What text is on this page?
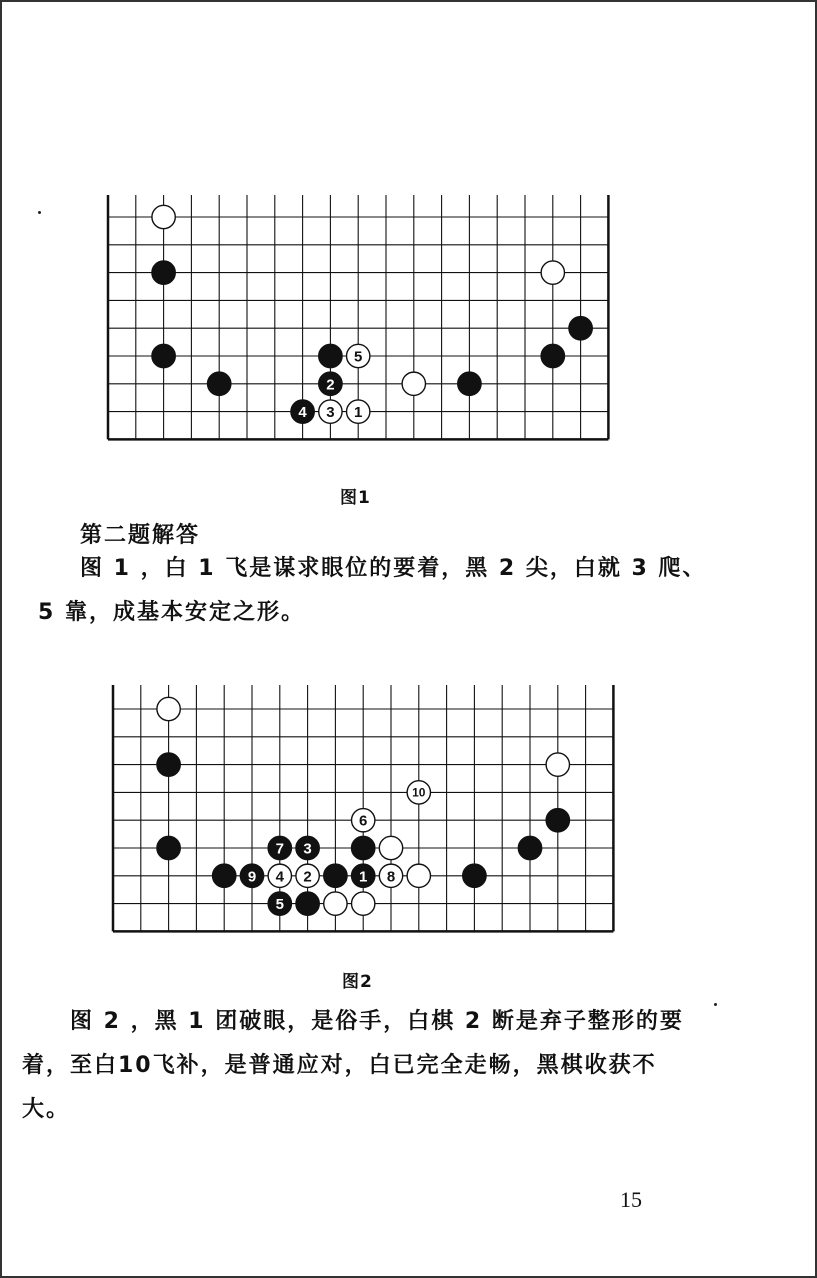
2
4
5
3 1
图1
第二题解答

图 1 ，白 1 飞是谋求眼位的要着，黑 2 尖，白就 3 爬、
5 靠，成基本安定之形。

7 3
9	1
5
10
6
4 2	8
图2

图 2 ，黑 1 团破眼，是俗手，白棋 2 断是弃子整形的要
着，至白10飞补，是普通应对，白已完全走畅，黑棋收获不
大。

15
